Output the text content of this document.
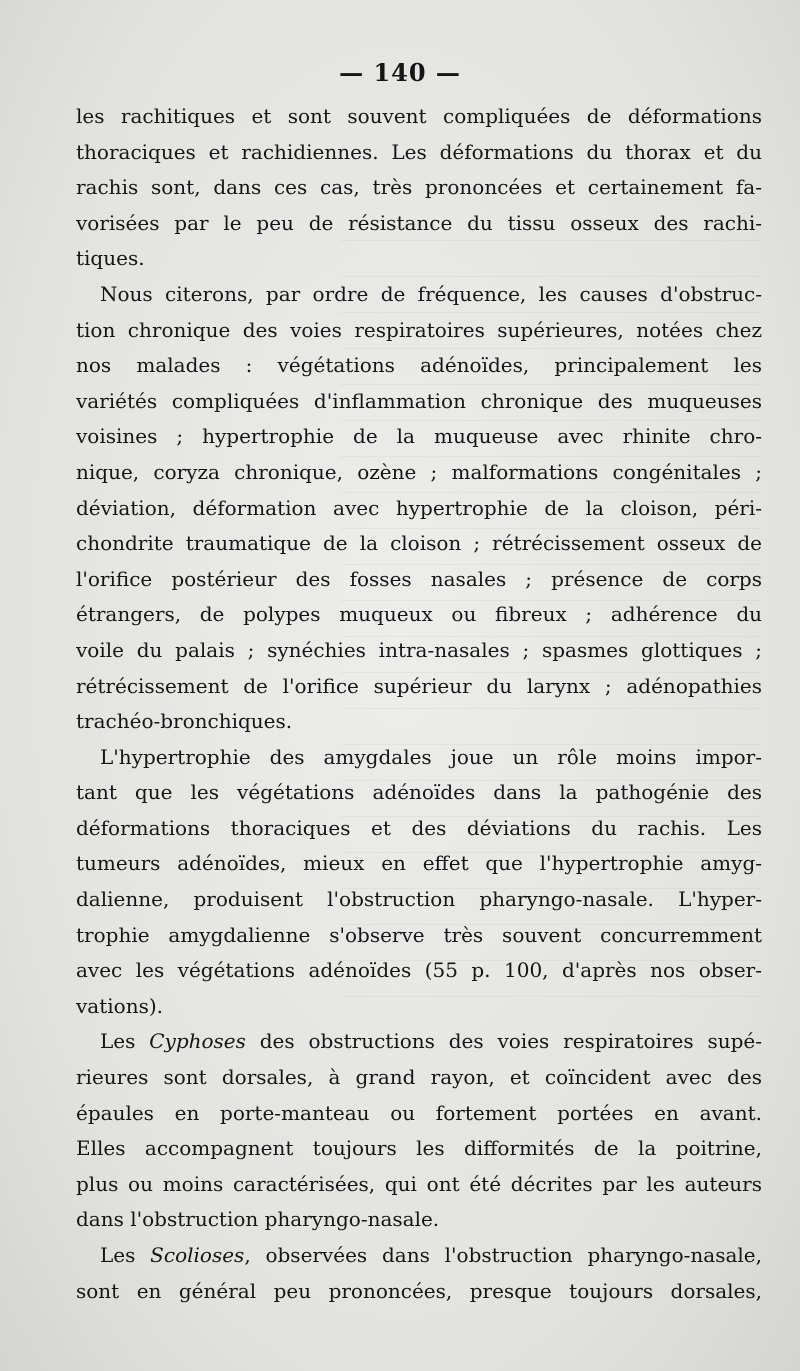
— 140 —

les rachitiques et sont souvent compliquées de déformations
thoraciques et rachidiennes. Les déformations du thorax et du
rachis sont, dans ces cas, très prononcées et certainement fa-
vorisées par le peu de résistance du tissu osseux des rachi-
tiques.
Nous citerons, par ordre de fréquence, les causes d'obstruc-
tion chronique des voies respiratoires supérieures, notées chez
nos malades : végétations adénoïdes, principalement les
variétés compliquées d'inflammation chronique des muqueuses
voisines ; hypertrophie de la muqueuse avec rhinite chro-
nique, coryza chronique, ozène ; malformations congénitales ;
déviation, déformation avec hypertrophie de la cloison, péri-
chondrite traumatique de la cloison ; rétrécissement osseux de
l'orifice postérieur des fosses nasales ; présence de corps
étrangers, de polypes muqueux ou fibreux ; adhérence du
voile du palais ; synéchies intra-nasales ; spasmes glottiques ;
rétrécissement de l'orifice supérieur du larynx ; adénopathies
trachéo-bronchiques.
L'hypertrophie des amygdales joue un rôle moins impor-
tant que les végétations adénoïdes dans la pathogénie des
déformations thoraciques et des déviations du rachis. Les
tumeurs adénoïdes, mieux en effet que l'hypertrophie amyg-
dalienne, produisent l'obstruction pharyngo-nasale. L'hyper-
trophie amygdalienne s'observe très souvent concurremment
avec les végétations adénoïdes (55 p. 100, d'après nos obser-
vations).
Les Cyphoses des obstructions des voies respiratoires supé-
rieures sont dorsales, à grand rayon, et coïncident avec des
épaules en porte-manteau ou fortement portées en avant.
Elles accompagnent toujours les difformités de la poitrine,
plus ou moins caractérisées, qui ont été décrites par les auteurs
dans l'obstruction pharyngo-nasale.
Les Scolioses, observées dans l'obstruction pharyngo-nasale,
sont en général peu prononcées, presque toujours dorsales,
